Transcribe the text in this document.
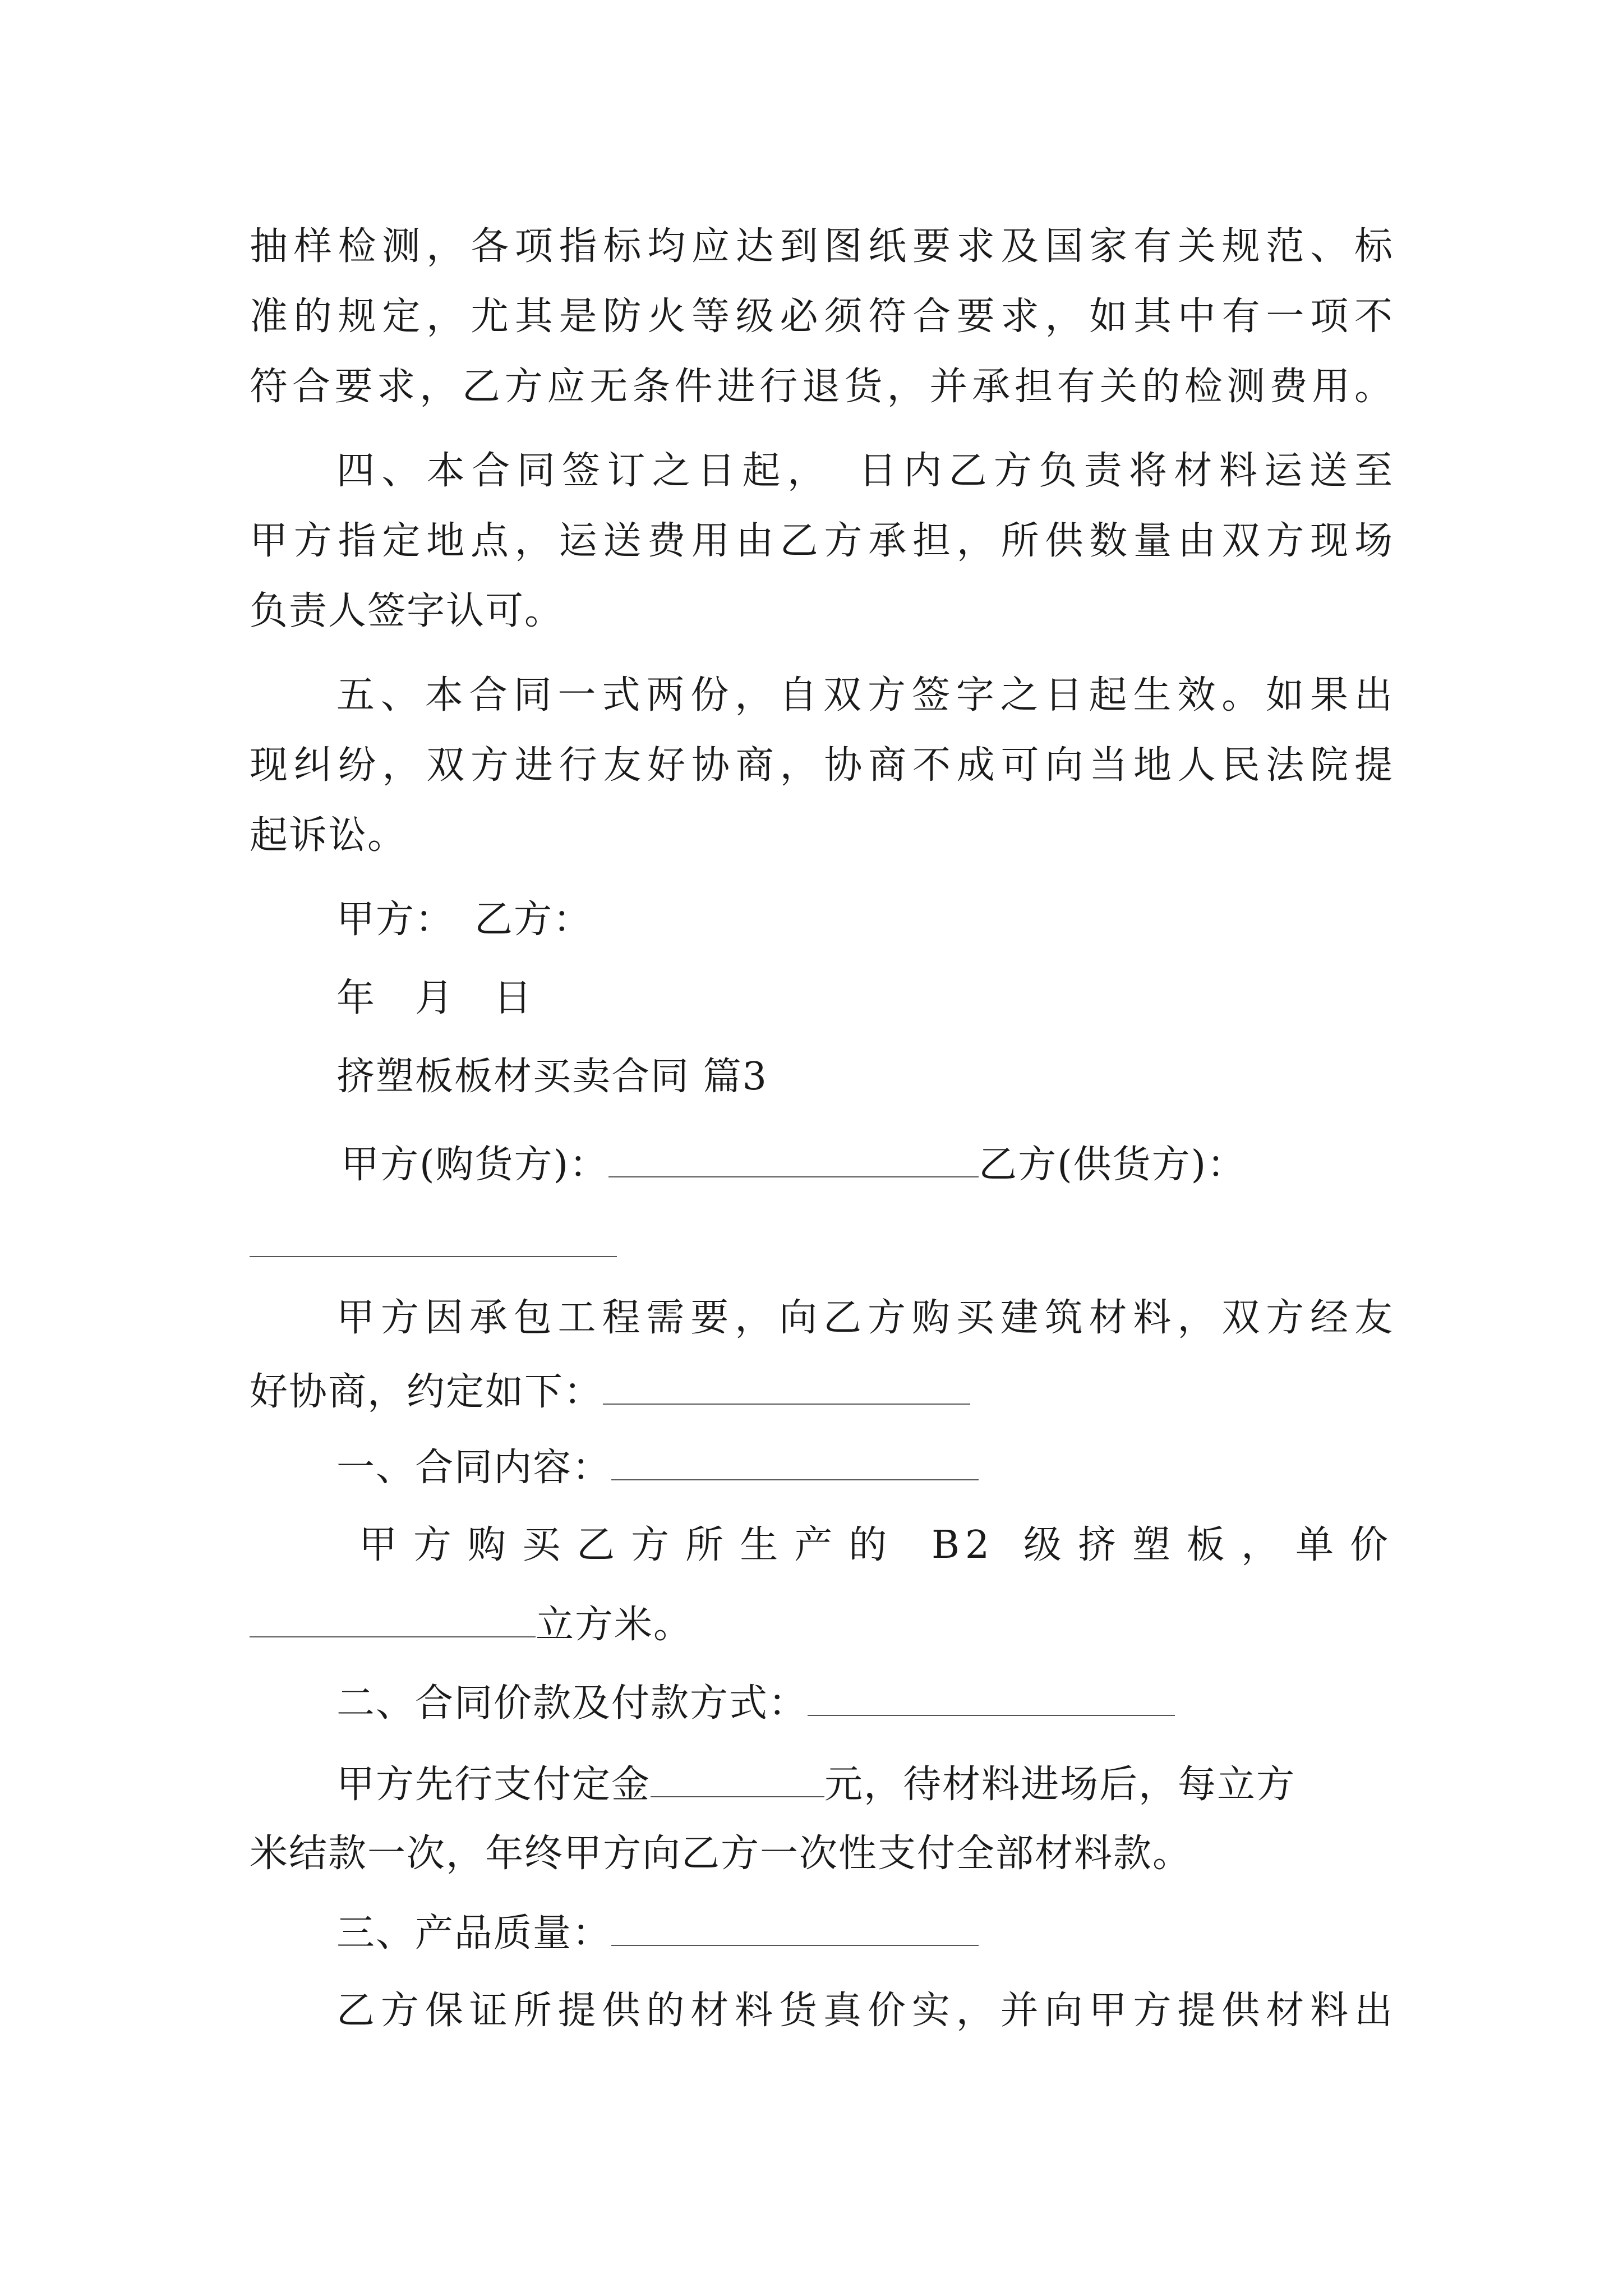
抽样检测，各项指标均应达到图纸要求及国家有关规范、标
准的规定，尤其是防火等级必须符合要求，如其中有一项不
符合要求，乙方应无条件进行退货，并承担有关的检测费用。
四、本合同签订之日起，　日内乙方负责将材料运送至
甲方指定地点，运送费用由乙方承担，所供数量由双方现场
负责人签字认可。
五、本合同一式两份，自双方签字之日起生效。如果出
现纠纷，双方进行友好协商，协商不成可向当地人民法院提
起诉讼。
甲方：　乙方：
年　月　日
挤塑板板材买卖合同 篇3
甲方(购货方)：	乙方(供货方)：
甲方因承包工程需要，向乙方购买建筑材料，双方经友
好协商，约定如下：
一、合同内容：
甲方购买乙方所生产的 B2 级挤塑板，单价
立方米。
二、合同价款及付款方式：
甲方先行支付定金	元，待材料进场后，每立方
米结款一次，年终甲方向乙方一次性支付全部材料款。
三、产品质量：
乙方保证所提供的材料货真价实，并向甲方提供材料出
